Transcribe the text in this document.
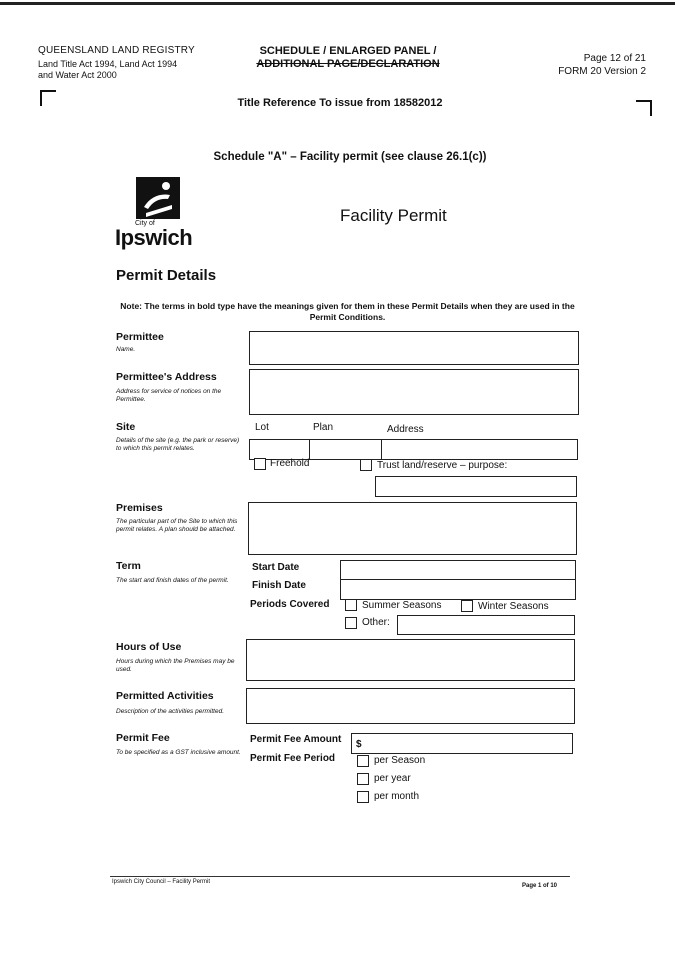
QUEENSLAND LAND REGISTRY
Land Title Act 1994, Land Act 1994
and Water Act 2000
SCHEDULE / ENLARGED PANEL /
ADDITIONAL PAGE/DECLARATION	Page 12 of 21
FORM 20 Version 2
Title Reference To issue from 18582012
Schedule "A" – Facility permit (see clause 26.1(c))
City of
Ipswich
Facility Permit
Permit Details
Note: The terms in bold type have the meanings given for them in these Permit Details when they are used in the Permit Conditions.
Permittee
Name.
Permittee's Address
Address for service of notices on the Permittee.
Site
Details of the site (e.g. the park or reserve) to which this permit relates.
Lot	Plan	Address
Freehold	Trust land/reserve – purpose:
Premises
The particular part of the Site to which this permit relates. A plan should be attached.
Term
The start and finish dates of the permit.
Start Date
Finish Date
Periods Covered	Summer Seasons	Winter Seasons
Other:
Hours of Use
Hours during which the Premises may be used.
Permitted Activities
Description of the activities permitted.
Permit Fee
To be specified as a GST inclusive amount.
Permit Fee Amount	$
Permit Fee Period	per Season
per year
per month
Ipswich City Council – Facility Permit
Page 1 of 10
